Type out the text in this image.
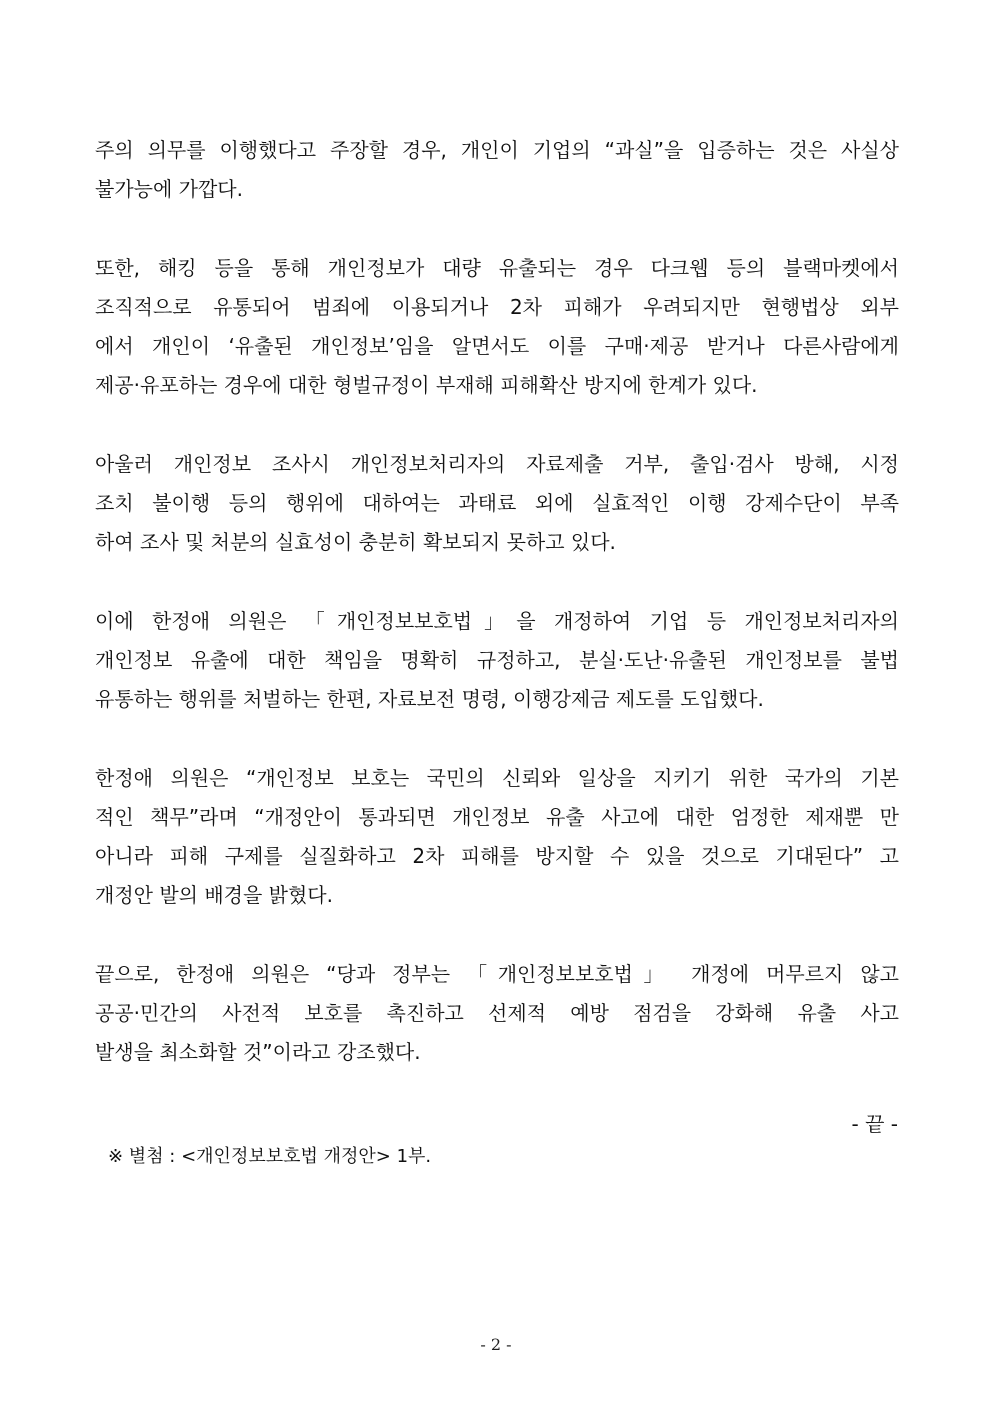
주의 의무를 이행했다고 주장할 경우, 개인이 기업의 “과실”을 입증하는 것은 사실상
불가능에 가깝다.
또한, 해킹 등을 통해 개인정보가 대량 유출되는 경우 다크웹 등의 블랙마켓에서
조직적으로 유통되어 범죄에 이용되거나 2차 피해가 우려되지만 현행법상 외부
에서 개인이 ‘유출된 개인정보’임을 알면서도 이를 구매·제공 받거나 다른사람에게
제공·유포하는 경우에 대한 형벌규정이 부재해 피해확산 방지에 한계가 있다.
아울러 개인정보 조사시 개인정보처리자의 자료제출 거부, 출입·검사 방해, 시정
조치 불이행 등의 행위에 대하여는 과태료 외에 실효적인 이행 강제수단이 부족
하여 조사 및 처분의 실효성이 충분히 확보되지 못하고 있다.
이에 한정애 의원은 「개인정보보호법」을 개정하여 기업 등 개인정보처리자의
개인정보 유출에 대한 책임을 명확히 규정하고, 분실·도난·유출된 개인정보를 불법
유통하는 행위를 처벌하는 한편, 자료보전 명령, 이행강제금 제도를 도입했다.
한정애 의원은 “개인정보 보호는 국민의 신뢰와 일상을 지키기 위한 국가의 기본
적인 책무”라며 “개정안이 통과되면 개인정보 유출 사고에 대한 엄정한 제재뿐 만
아니라 피해 구제를 실질화하고 2차 피해를 방지할 수 있을 것으로 기대된다” 고
개정안 발의 배경을 밝혔다.
끝으로, 한정애 의원은 “당과 정부는 「개인정보보호법」 개정에 머무르지 않고
공공·민간의 사전적 보호를 촉진하고 선제적 예방 점검을 강화해 유출 사고
발생을 최소화할 것”이라고 강조했다.
- 끝 -
※ 별첨 : <개인정보보호법 개정안> 1부.
- 2 -
